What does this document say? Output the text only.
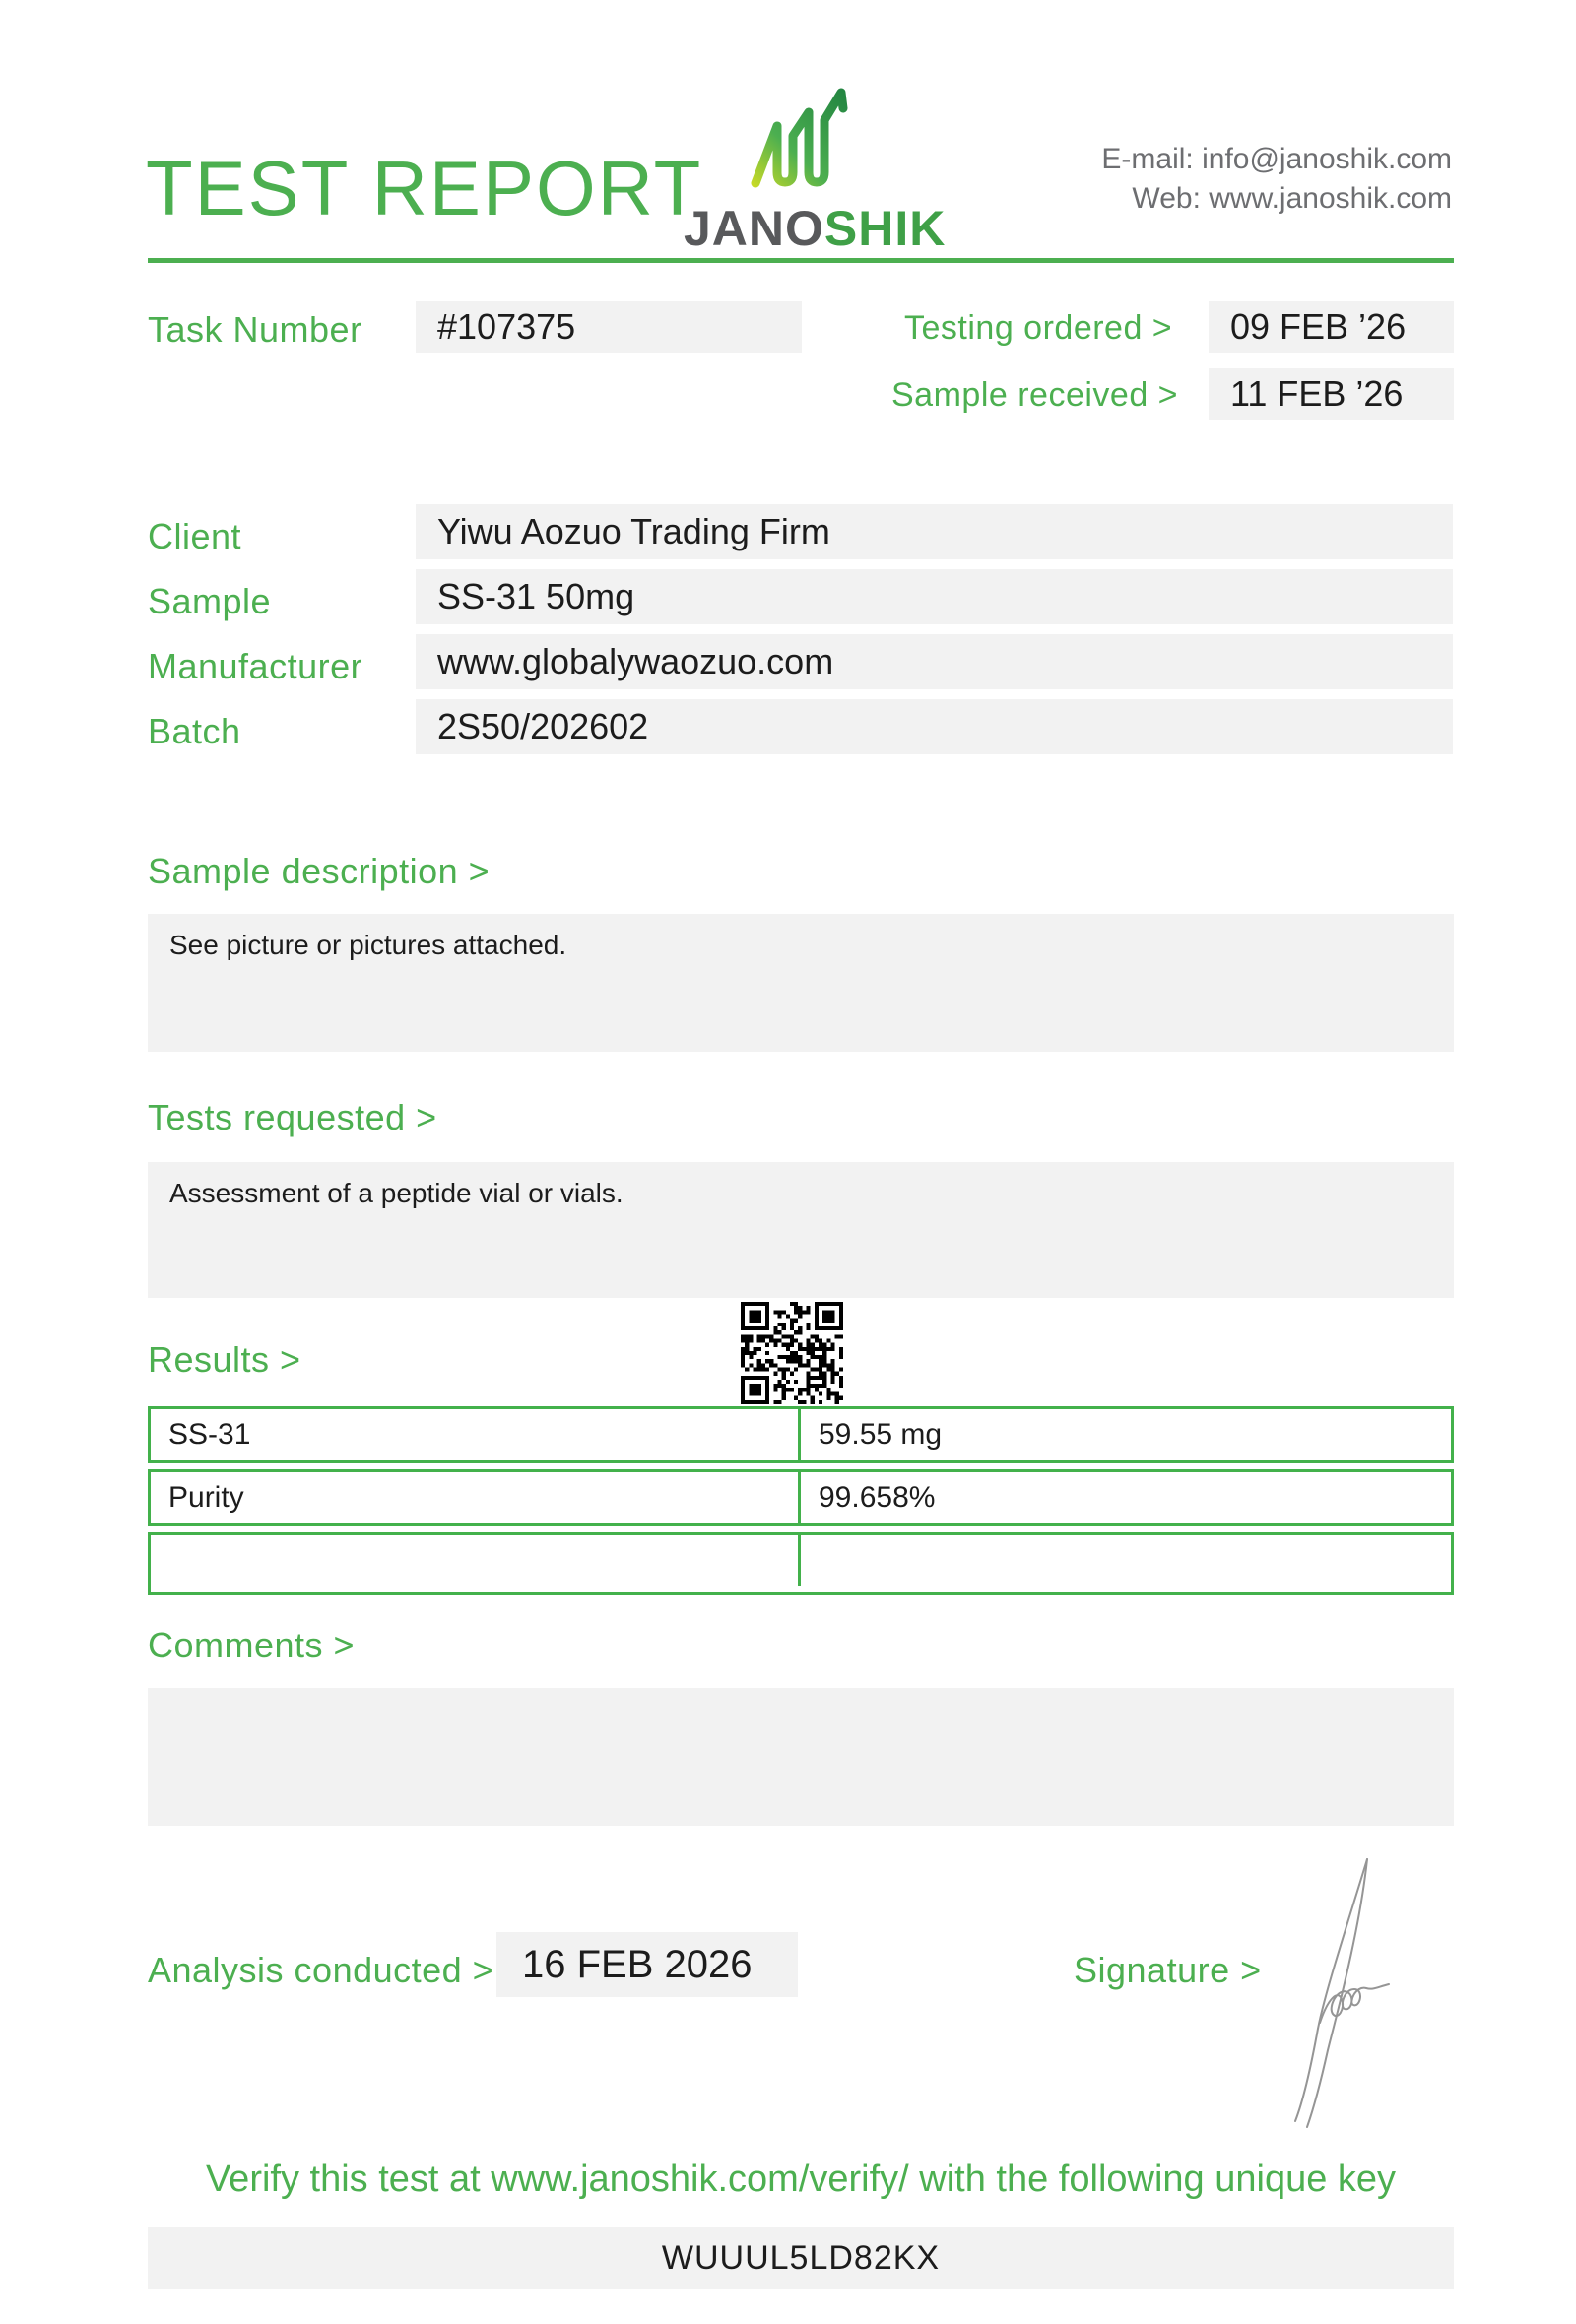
TEST REPORT
JANOSHIK
E-mail: info@janoshik.com
Web: www.janoshik.com
Task Number	#107375	Testing ordered >	09 FEB ’26
Sample received >	11 FEB ’26
Client	Yiwu Aozuo Trading Firm
Sample	SS-31 50mg
Manufacturer	www.globalywaozuo.com
Batch	2S50/202602
Sample description >
See picture or pictures attached.
Tests requested >
Assessment of a peptide vial or vials.
Results >
SS-31	59.55 mg
Purity	99.658%
Comments >
Analysis conducted > 16 FEB 2026	Signature >
Verify this test at www.janoshik.com/verify/ with the following unique key
WUUUL5LD82KX
